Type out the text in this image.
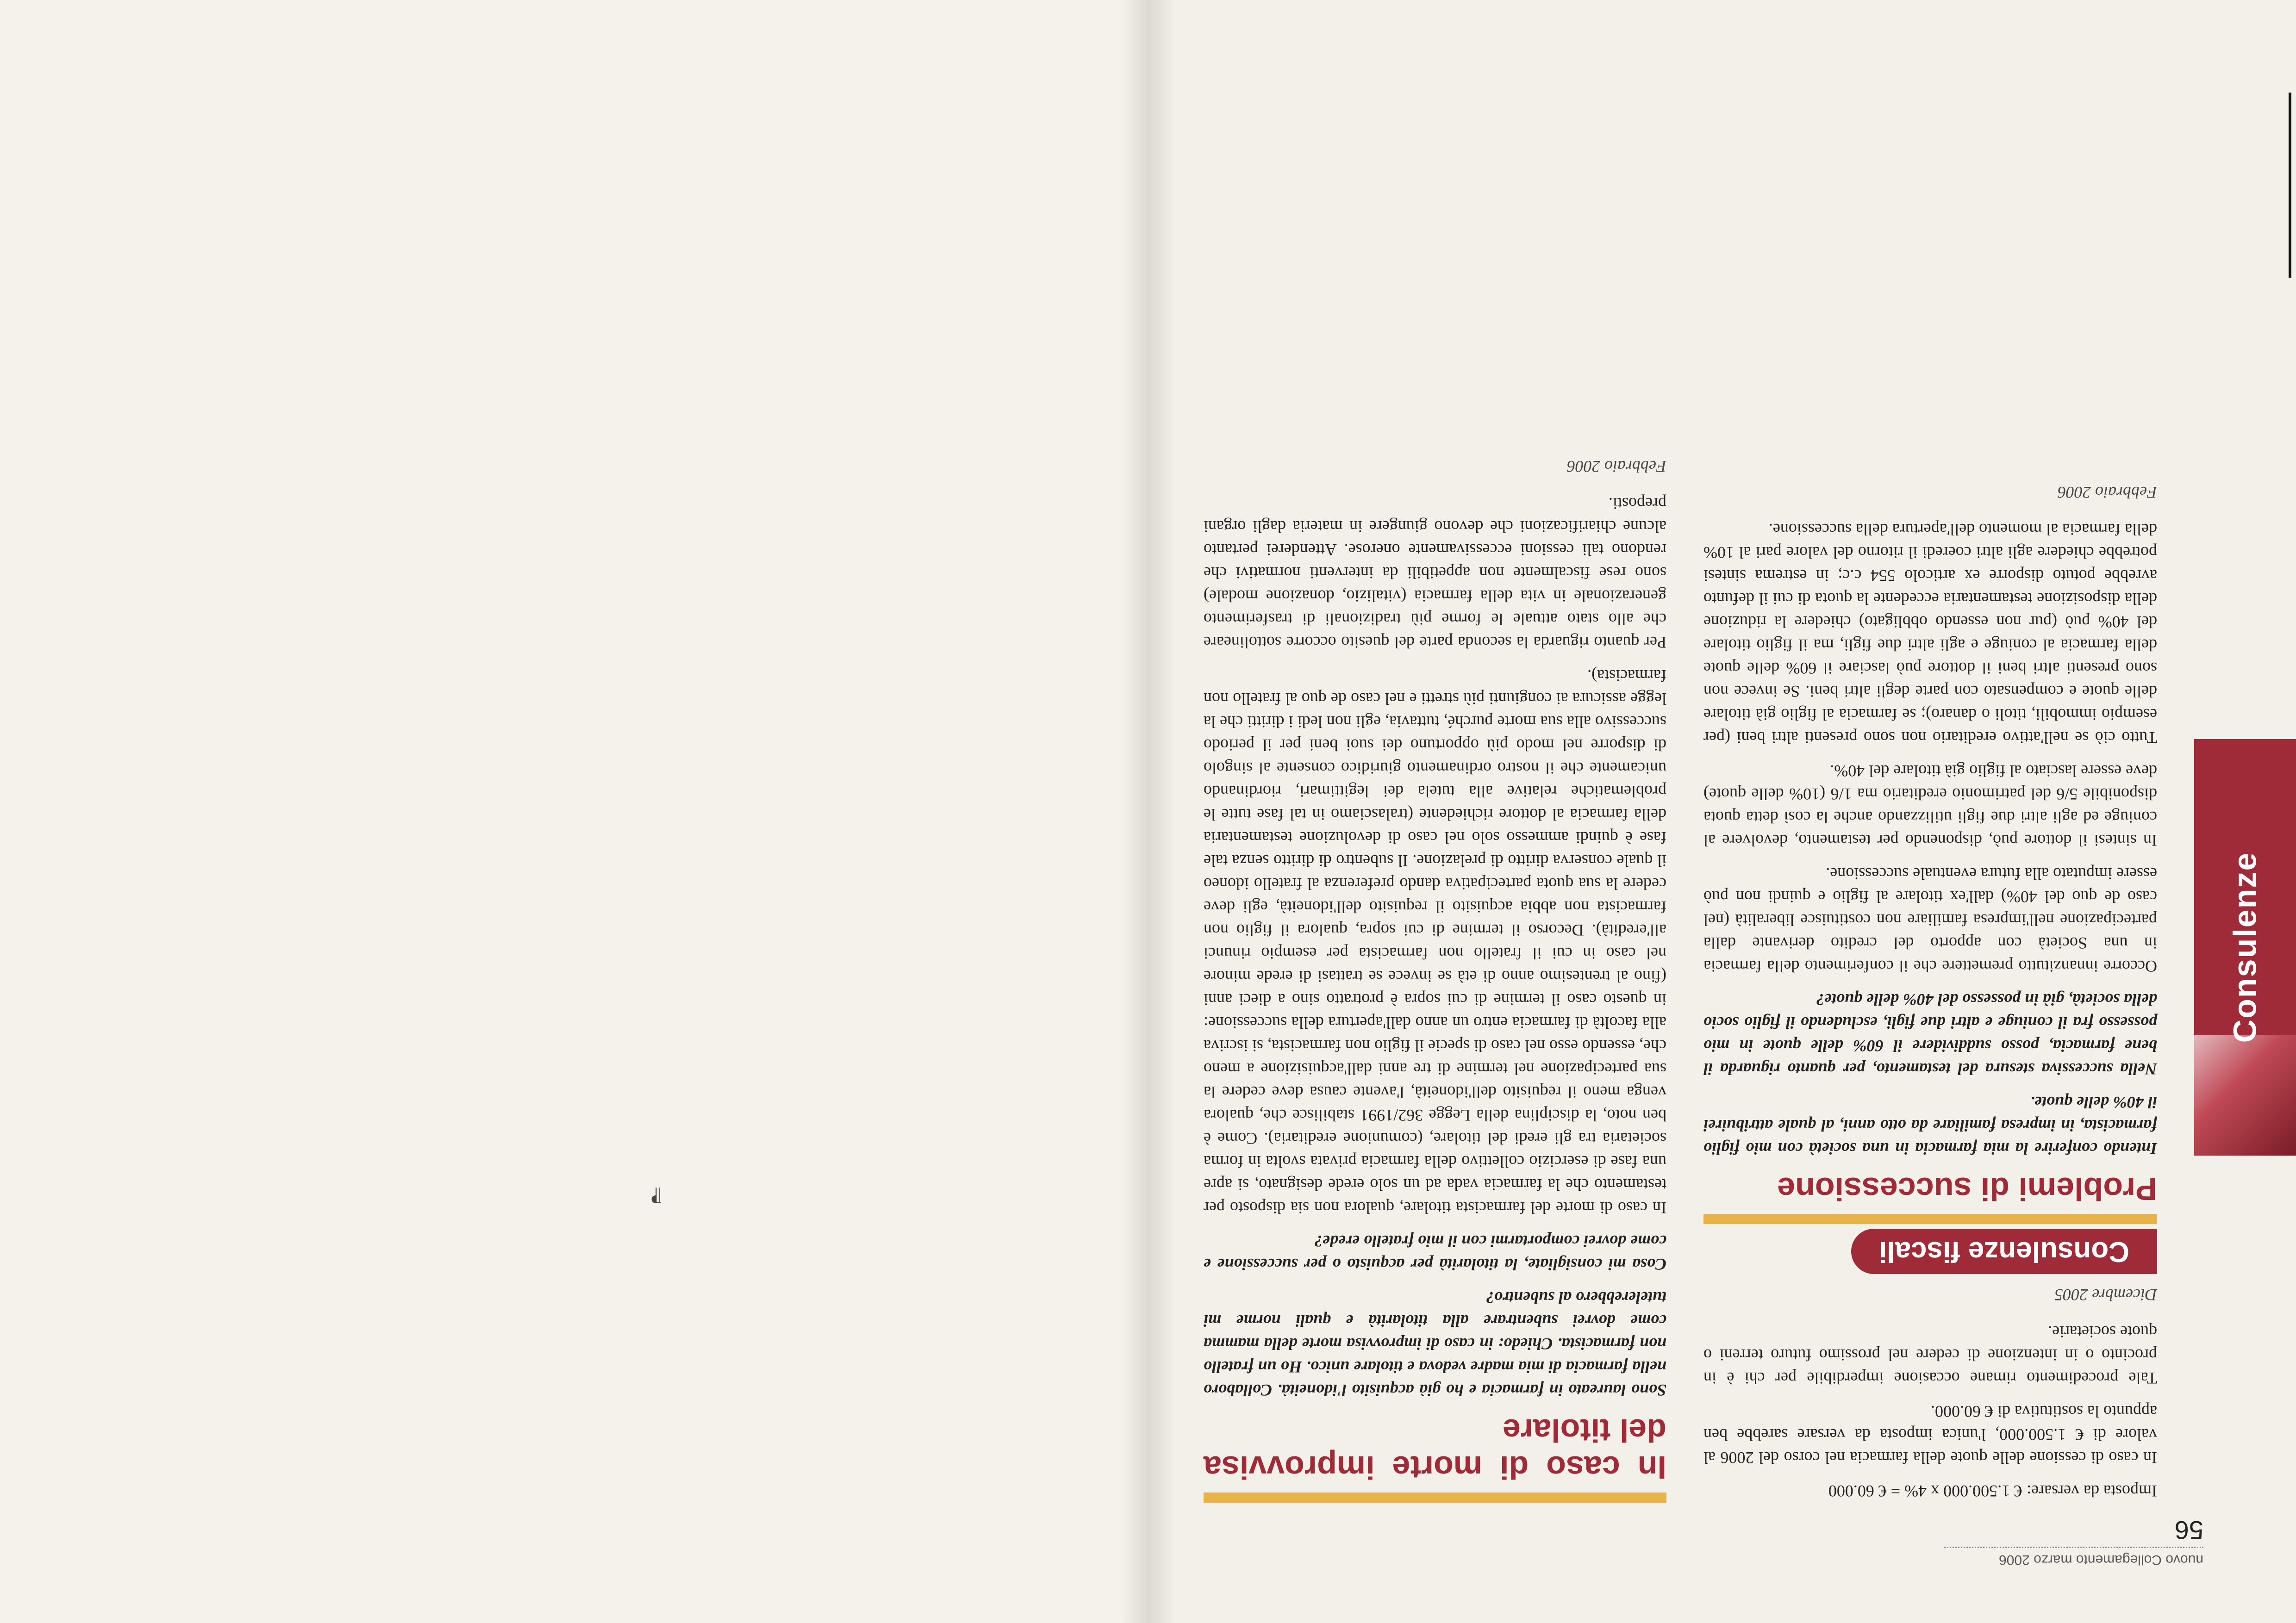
nuovo Collegamento marzo 2006
56
Consulenze

Imposta da versare: € 1.500.000 x 4% = € 60.000

In caso di cessione delle quote della farmacia nel corso del 2006 al valore di € 1.500.000, l'unica imposta da versare sarebbe ben appunto la sostitutiva di € 60.000.

Tale procedimento rimane occasione imperdibile per chi è in procinto o in intenzione di cedere nel prossimo futuro terreni o quote societarie.

Dicembre 2005

Consulenze fiscali

Problemi di successione

Intendo conferire la mia farmacia in una società con mio figlio farmacista, in impresa familiare da otto anni, al quale attribuirei il 40% delle quote.

Nella successiva stesura del testamento, per quanto riguarda il bene farmacia, posso suddividere il 60% delle quote in mio possesso fra il coniuge e altri due figli, escludendo il figlio socio della società, già in possesso del 40% delle quote?

Occorre innanzitutto premettere che il conferimento della farmacia in una Società con apporto del credito derivante dalla partecipazione nell'impresa familiare non costituisce liberalità (nel caso de quo del 40%) dall'ex titolare al figlio e quindi non può essere imputato alla futura eventuale successione.

In sintesi il dottore può, disponendo per testamento, devolvere al coniuge ed agli altri due figli utilizzando anche la così detta quota disponibile 5/6 del patrimonio ereditario ma 1/6 (10% delle quote) deve essere lasciato al figlio già titolare del 40%.

Tutto ciò se nell'attivo ereditario non sono presenti altri beni (per esempio immobili, titoli o danaro); se farmacia al figlio già titolare delle quote e compensato con parte degli altri beni. Se invece non sono presenti altri beni il dottore può lasciare il 60% delle quote della farmacia al coniuge e agli altri due figli, ma il figlio titolare del 40% può (pur non essendo obbligato) chiedere la riduzione della disposizione testamentaria eccedente la quota di cui il defunto avrebbe potuto disporre ex articolo 554 c.c; in estrema sintesi potrebbe chiedere agli altri coeredi il ritorno del valore pari al 10% della farmacia al momento dell'apertura della successione.

Febbraio 2006

In caso di morte improvvisa del titolare

Sono laureato in farmacia e ho già acquisito l'idoneità. Collaboro nella farmacia di mia madre vedova e titolare unico. Ho un fratello non farmacista. Chiedo: in caso di improvvisa morte della mamma come dovrei subentrare alla titolarità e quali norme mi tutelerebbero al subentro?

Cosa mi consigliate, la titolarità per acquisto o per successione e come dovrei comportarmi con il mio fratello erede?

In caso di morte del farmacista titolare, qualora non sia disposto per testamento che la farmacia vada ad un solo erede designato, si apre una fase di esercizio collettivo della farmacia privata svolta in forma societaria tra gli eredi del titolare, (comunione ereditaria). Come è ben noto, la disciplina della Legge 362/1991 stabilisce che, qualora venga meno il requisito dell'idoneità, l'avente causa deve cedere la sua partecipazione nel termine di tre anni dall'acquisizione a meno che, essendo esso nel caso di specie il figlio non farmacista, si iscriva alla facoltà di farmacia entro un anno dall'apertura della successione: in questo caso il termine di cui sopra è protratto sino a dieci anni (fino al trentesimo anno di età se invece se trattasi di erede minore nel caso in cui il fratello non farmacista per esempio rinunci all'eredità). Decorso il termine di cui sopra, qualora il figlio non farmacista non abbia acquisito il requisito dell'idoneità, egli deve cedere la sua quota partecipativa dando preferenza al fratello idoneo il quale conserva diritto di prelazione. Il subentro di diritto senza tale fase è quindi ammesso solo nel caso di devoluzione testamentaria della farmacia al dottore richiedente (tralasciamo in tal fase tutte le problematiche relative alla tutela dei legittimari, riordinando unicamente che il nostro ordinamento giuridico consente al singolo di disporre nel modo più opportuno dei suoi beni per il periodo successivo alla sua morte purché, tuttavia, egli non ledi i diritti che la legge assicura ai congiunti più stretti e nel caso de quo al fratello non farmacista).

Per quanto riguarda la seconda parte del quesito occorre sottolineare che allo stato attuale le forme più tradizionali di trasferimento generazionale in vita della farmacia (vitalizio, donazione modale) sono rese fiscalmente non appetibili da interventi normativi che rendono tali cessioni eccessivamente onerose. Attenderei pertanto alcune chiarificazioni che devono giungere in materia dagli organi preposti.

Febbraio 2006

⁋
